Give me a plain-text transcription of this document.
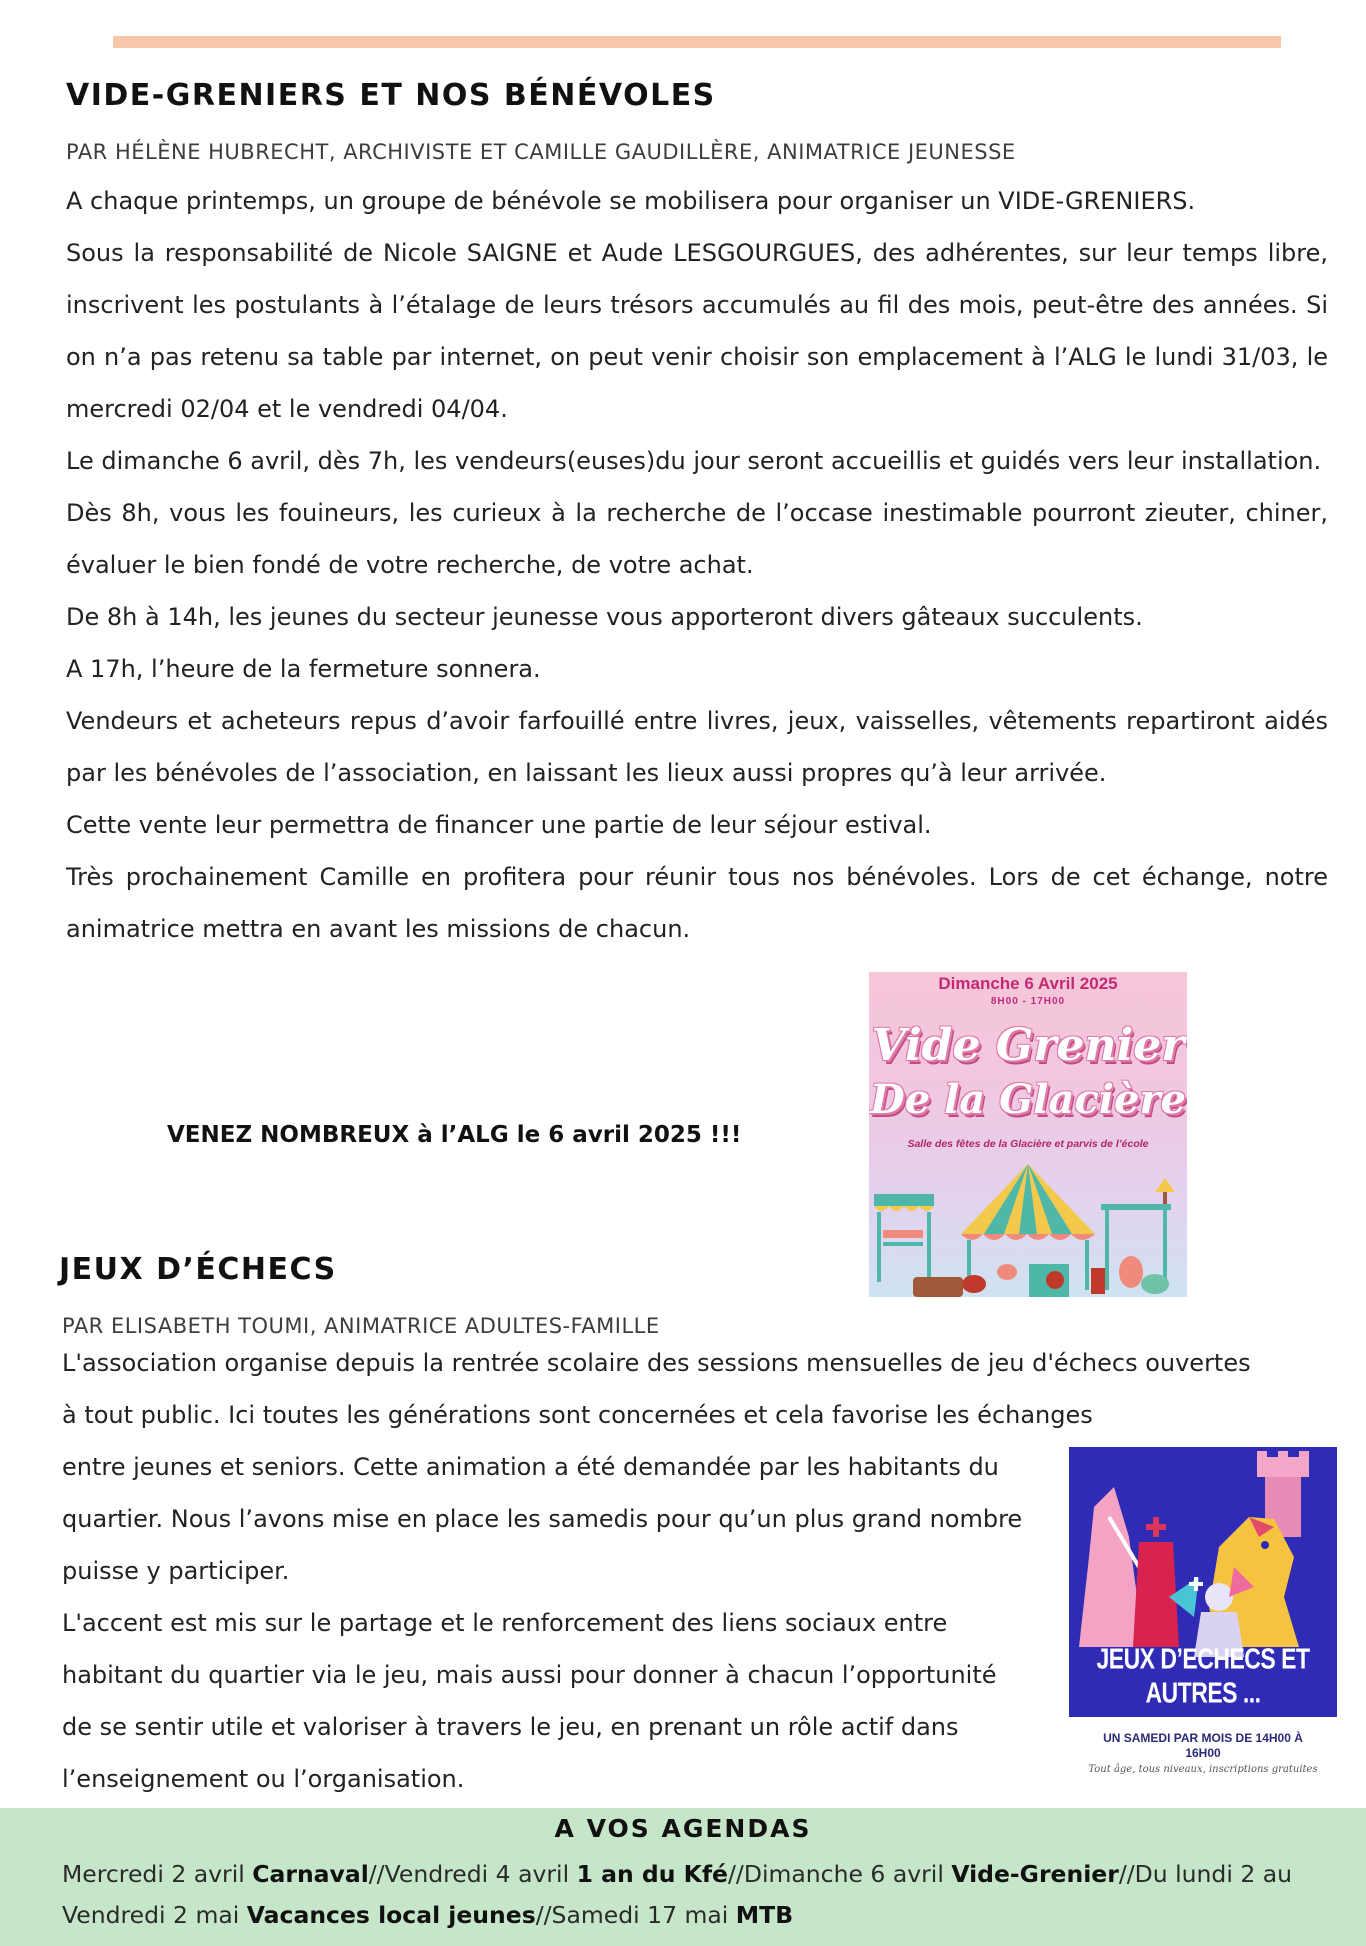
VIDE-GRENIERS ET NOS BÉNÉVOLES
PAR HÉLÈNE HUBRECHT, ARCHIVISTE ET CAMILLE GAUDILLÈRE, ANIMATRICE JEUNESSE

A chaque printemps, un groupe de bénévole se mobilisera pour organiser un VIDE-GRENIERS.

Sous la responsabilité de Nicole SAIGNE et Aude LESGOURGUES, des adhérentes, sur leur temps libre, inscrivent les postulants à l’étalage de leurs trésors accumulés au fil des mois, peut-être des années. Si on n’a pas retenu sa table par internet, on peut venir choisir son emplacement à l’ALG le lundi 31/03, le mercredi 02/04 et le vendredi 04/04.

Le dimanche 6 avril, dès 7h, les vendeurs(euses)du jour seront accueillis et guidés vers leur installation.

Dès 8h, vous les fouineurs, les curieux à la recherche de l’occase inestimable pourront zieuter, chiner, évaluer le bien fondé de votre recherche, de votre achat.

De 8h à 14h, les jeunes du secteur jeunesse vous apporteront divers gâteaux succulents.

A 17h, l’heure de la fermeture sonnera.

Vendeurs et acheteurs repus d’avoir farfouillé entre livres, jeux, vaisselles, vêtements repartiront aidés par les bénévoles de l’association, en laissant les lieux aussi propres qu’à leur arrivée.

Cette vente leur permettra de financer une partie de leur séjour estival.

Très prochainement Camille en profitera pour réunir tous nos bénévoles. Lors de cet échange, notre animatrice mettra en avant les missions de chacun.

VENEZ NOMBREUX à l’ALG le 6 avril 2025 !!!
Dimanche 6 Avril 2025
8H00 - 17H00
Vide Grenier
De la Glacière
Salle des fêtes de la Glacière et parvis de l’école
JEUX D’ÉCHECS
PAR ELISABETH TOUMI, ANIMATRICE ADULTES-FAMILLE

L'association organise depuis la rentrée scolaire des sessions mensuelles de jeu d'échecs ouvertes

à tout public. Ici toutes les générations sont concernées et cela favorise les échanges

entre jeunes et seniors. Cette animation a été demandée par les habitants du

quartier. Nous l’avons mise en place les samedis pour qu’un plus grand nombre

puisse y participer.

L'accent est mis sur le partage et le renforcement des liens sociaux entre

habitant du quartier via le jeu, mais aussi pour donner à chacun l’opportunité

de se sentir utile et valoriser à travers le jeu, en prenant un rôle actif dans

l’enseignement ou l’organisation.

JEUX D’ECHECS ET AUTRES ...
UN SAMEDI PAR MOIS DE 14H00 À
16H00
Tout âge, tous niveaux, inscriptions gratuites
A VOS AGENDAS
Mercredi 2 avril Carnaval//Vendredi 4 avril 1 an du Kfé//Dimanche 6 avril Vide-Grenier//Du lundi 2 au Vendredi 2 mai Vacances local jeunes//Samedi 17 mai MTB
